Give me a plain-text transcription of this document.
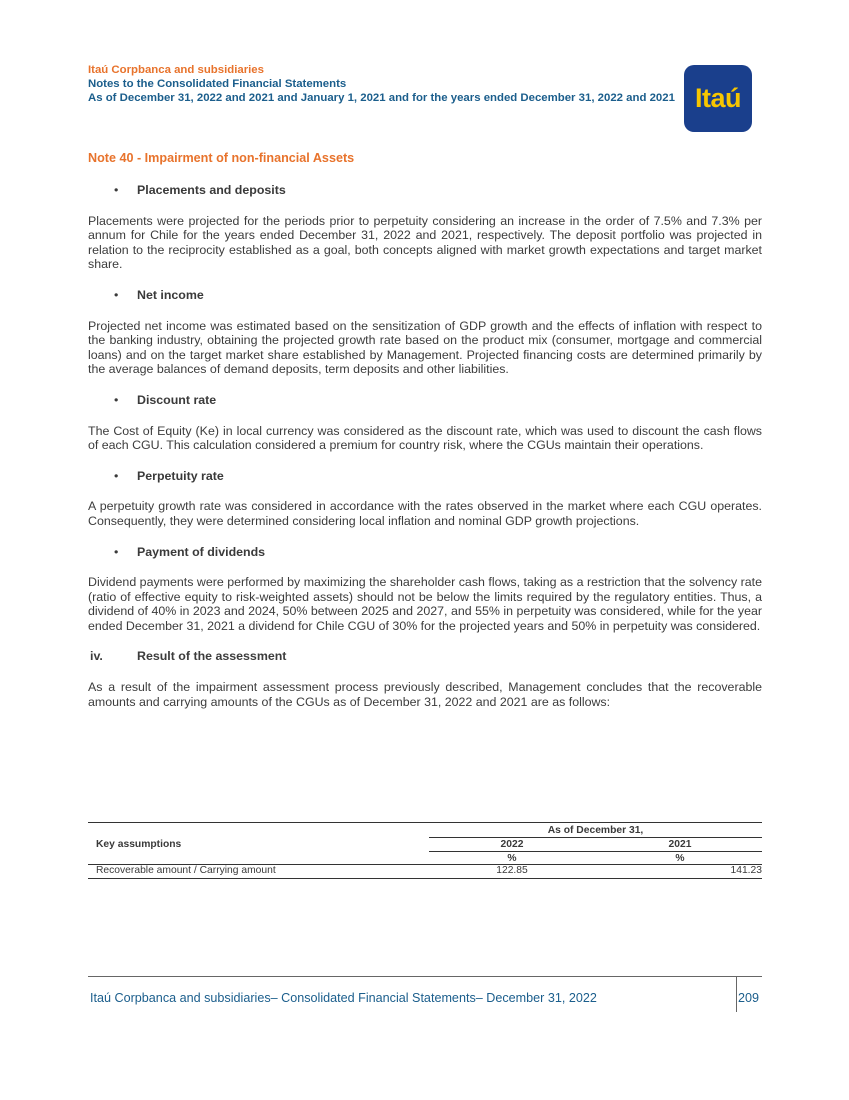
Itaú Corpbanca and subsidiaries
Notes to the Consolidated Financial Statements
As of December 31, 2022 and 2021 and January 1, 2021 and for the years ended December 31, 2022 and 2021 Itaú
Note 40 - Impairment of non-financial Assets
• Placements and deposits

Placements were projected for the periods prior to perpetuity considering an increase in the order of 7.5% and 7.3% per annum for Chile for the years ended December 31, 2022 and 2021, respectively. The deposit portfolio was projected in relation to the reciprocity established as a goal, both concepts aligned with market growth expectations and target market share.

• Net income

Projected net income was estimated based on the sensitization of GDP growth and the effects of inflation with respect to the banking industry, obtaining the projected growth rate based on the product mix (consumer, mortgage and commercial loans) and on the target market share established by Management. Projected financing costs are determined primarily by the average balances of demand deposits, term deposits and other liabilities.

• Discount rate

The Cost of Equity (Ke) in local currency was considered as the discount rate, which was used to discount the cash flows of each CGU. This calculation considered a premium for country risk, where the CGUs maintain their operations.

• Perpetuity rate

A perpetuity growth rate was considered in accordance with the rates observed in the market where each CGU operates. Consequently, they were determined considering local inflation and nominal GDP growth projections.

• Payment of dividends

Dividend payments were performed by maximizing the shareholder cash flows, taking as a restriction that the solvency rate (ratio of effective equity to risk-weighted assets) should not be below the limits required by the regulatory entities. Thus, a dividend of 40% in 2023 and 2024, 50% between 2025 and 2027, and 55% in perpetuity was considered, while for the year ended December 31, 2021 a dividend for Chile CGU of 30% for the projected years and 50% in perpetuity was considered.

iv.	Result of the assessment

As a result of the impairment assessment process previously described, Management concludes that the recoverable amounts and carrying amounts of the CGUs as of December 31, 2022 and 2021 are as follows:

As of December 31,
Key assumptions	2022	2021
%	%
Recoverable amount / Carrying amount	122.85	141.23
Itaú Corpbanca and subsidiaries– Consolidated Financial Statements– December 31, 2022	209
